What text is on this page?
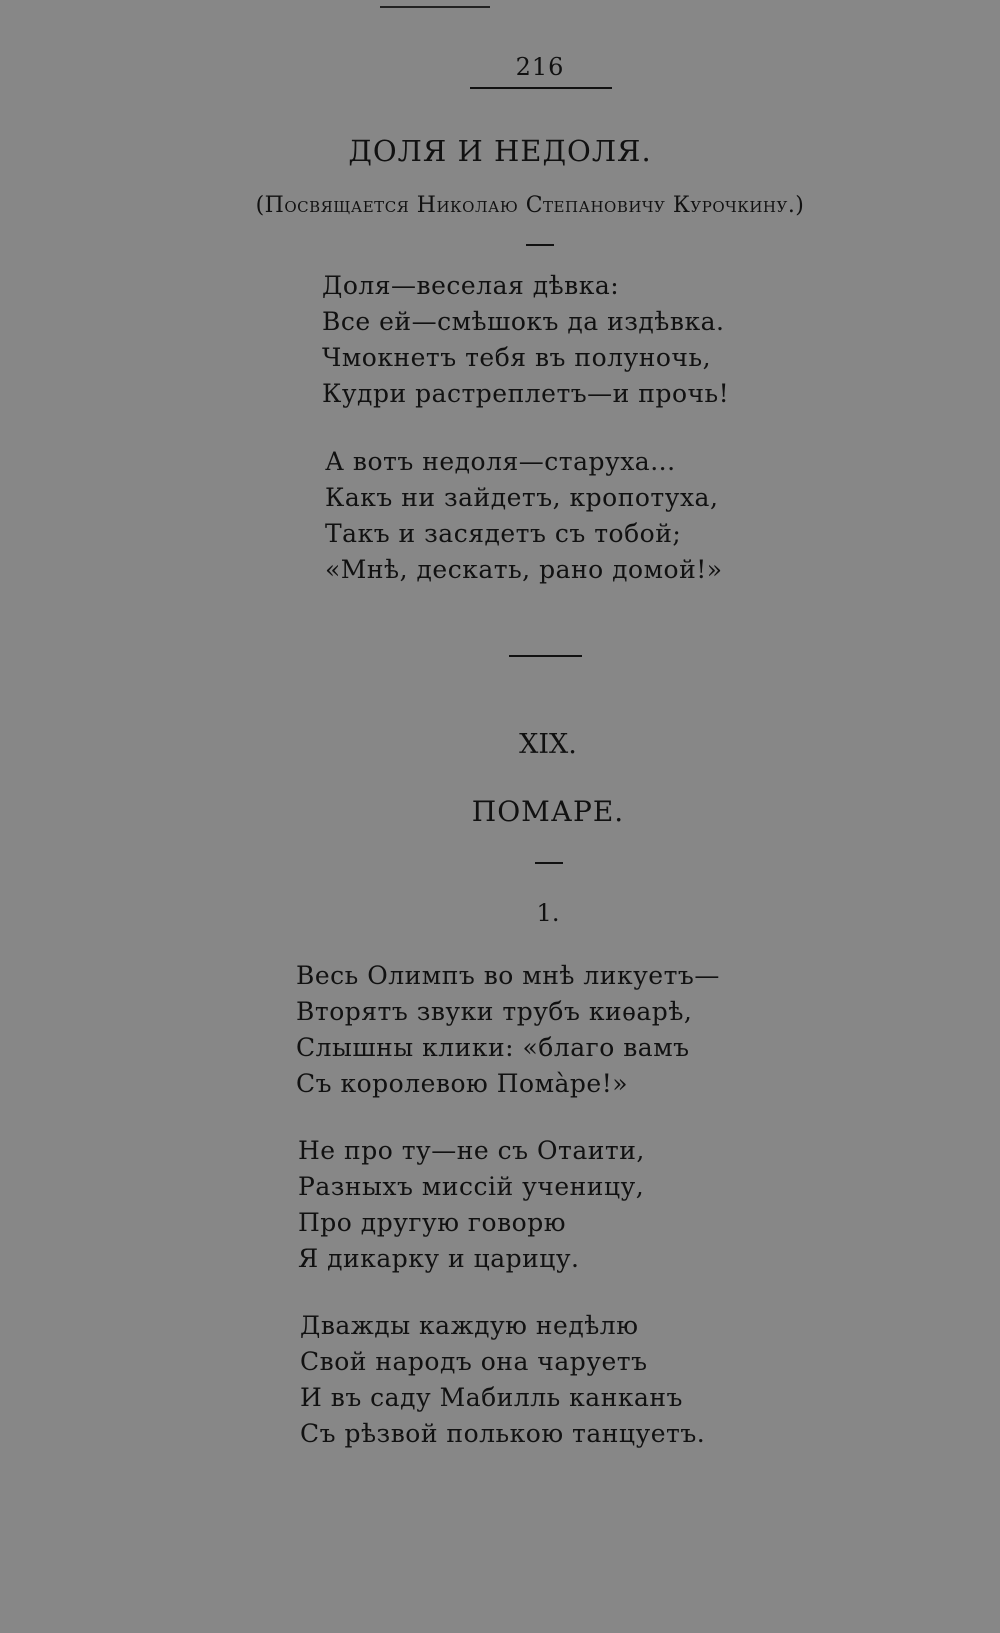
216
ДОЛЯ И НЕДОЛЯ.
(Посвящается Николаю Степановичу Курочкину.)
Доля—веселая дѣвка:
Все ей—смѣшокъ да издѣвка.
Чмокнетъ тебя въ полуночь,
Кудри растреплетъ—и прочь!
А вотъ недоля—старуха...
Какъ ни зайдетъ, кропотуха,
Такъ и засядетъ съ тобой;
«Мнѣ, дескать, рано домой!»
XIX.
ПОМАРЕ.
1.
Весь Олимпъ во мнѣ ликуетъ—
Вторятъ звуки трубъ киѳарѣ,
Слышны клики: «благо вамъ
Съ королевою Помàре!»
Не про ту—не съ Отаити,
Разныхъ миссій ученицу,
Про другую говорю
Я дикарку и царицу.
Дважды каждую недѣлю
Свой народъ она чаруетъ
И въ саду Мабилль канканъ
Съ рѣзвой полькою танцуетъ.
